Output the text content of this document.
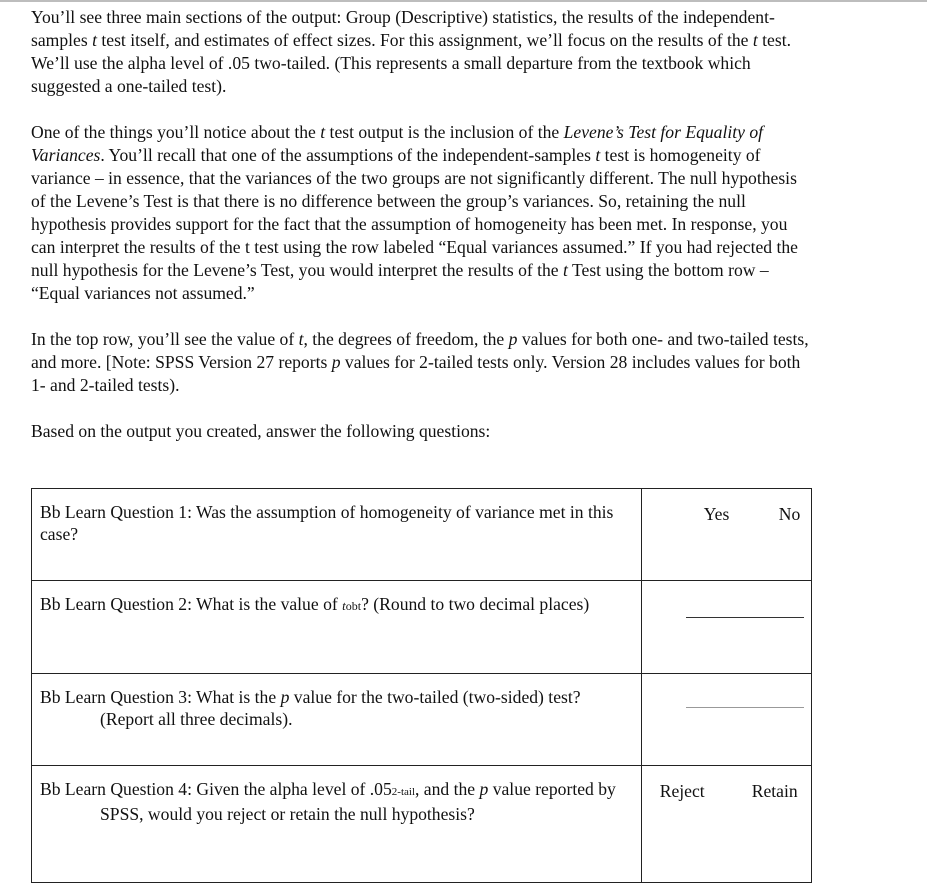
You’ll see three main sections of the output: Group (Descriptive) statistics, the results of the independent-samples t test itself, and estimates of effect sizes. For this assignment, we’ll focus on the results of the t test. We’ll use the alpha level of .05 two-tailed. (This represents a small departure from the textbook which suggested a one-tailed test).

One of the things you’ll notice about the t test output is the inclusion of the Levene’s Test for Equality of Variances. You’ll recall that one of the assumptions of the independent-samples t test is homogeneity of variance – in essence, that the variances of the two groups are not significantly different. The null hypothesis of the Levene’s Test is that there is no difference between the group’s variances. So, retaining the null hypothesis provides support for the fact that the assumption of homogeneity has been met. In response, you can interpret the results of the t test using the row labeled “Equal variances assumed.” If you had rejected the null hypothesis for the Levene’s Test, you would interpret the results of the t Test using the bottom row – “Equal variances not assumed.”

In the top row, you’ll see the value of t, the degrees of freedom, the p values for both one- and two-tailed tests, and more. [Note: SPSS Version 27 reports p values for 2-tailed tests only. Version 28 includes values for both 1- and 2-tailed tests).

Based on the output you created, answer the following questions:

Bb Learn Question 1: Was the assumption of homogeneity of variance met in this case?	Yes No

Bb Learn Question 2: What is the value of tobt? (Round to two decimal places)	

Bb Learn Question 3: What is the p value for the two-tailed (two-sided) test? (Report all three decimals).	

Bb Learn Question 4: Given the alpha level of .052-tail, and the p value reported by SPSS, would you reject or retain the null hypothesis?	Reject Retain
